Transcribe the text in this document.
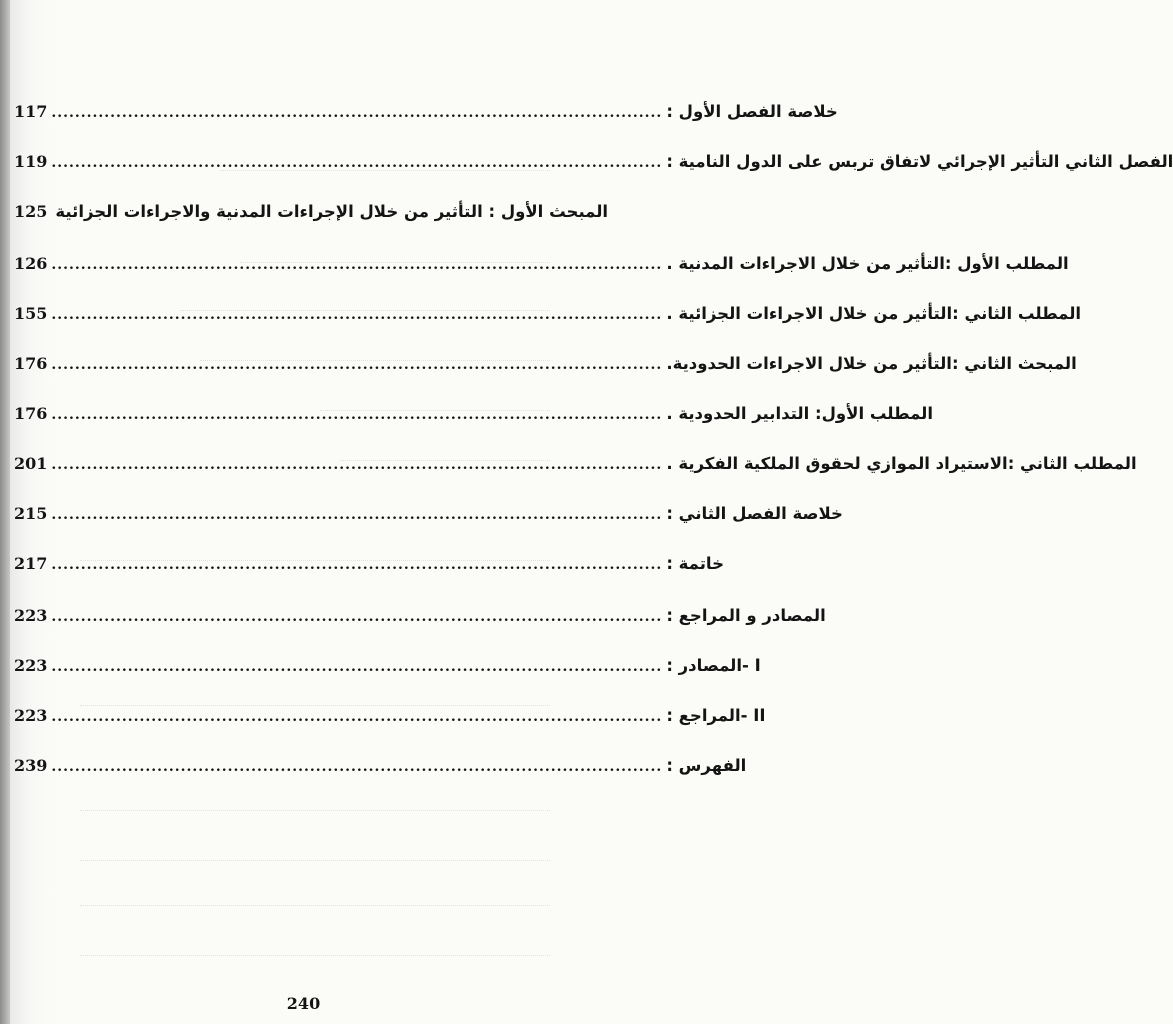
117 ........................................................................................................ خلاصة الفصل الأول :
119 ........................................................................................................ الفصل الثاني التأثير الإجرائي لاتفاق تربس على الدول النامية :
125 المبحث الأول : التأثير من خلال الإجراءات المدنية والاجراءات الجزائية
126 ........................................................................................................ المطلب الأول :التأثير من خلال الاجراءات المدنية .
155 ........................................................................................................ المطلب الثاني :التأثير من خلال الاجراءات الجزائية .
176 ........................................................................................................ المبحث الثاني :التأثير من خلال الاجراءات الحدودية.
176 ........................................................................................................ المطلب الأول: التدابير الحدودية .
201 ........................................................................................................ المطلب الثاني :الاستيراد الموازي لحقوق الملكية الفكرية .
215 ........................................................................................................ خلاصة الفصل الثاني :
217 ........................................................................................................ خاتمة :
223 ........................................................................................................ المصادر و المراجع :
223 ........................................................................................................ I -المصادر :
223 ........................................................................................................ II -المراجع :
239 ........................................................................................................ الفهرس :
240
